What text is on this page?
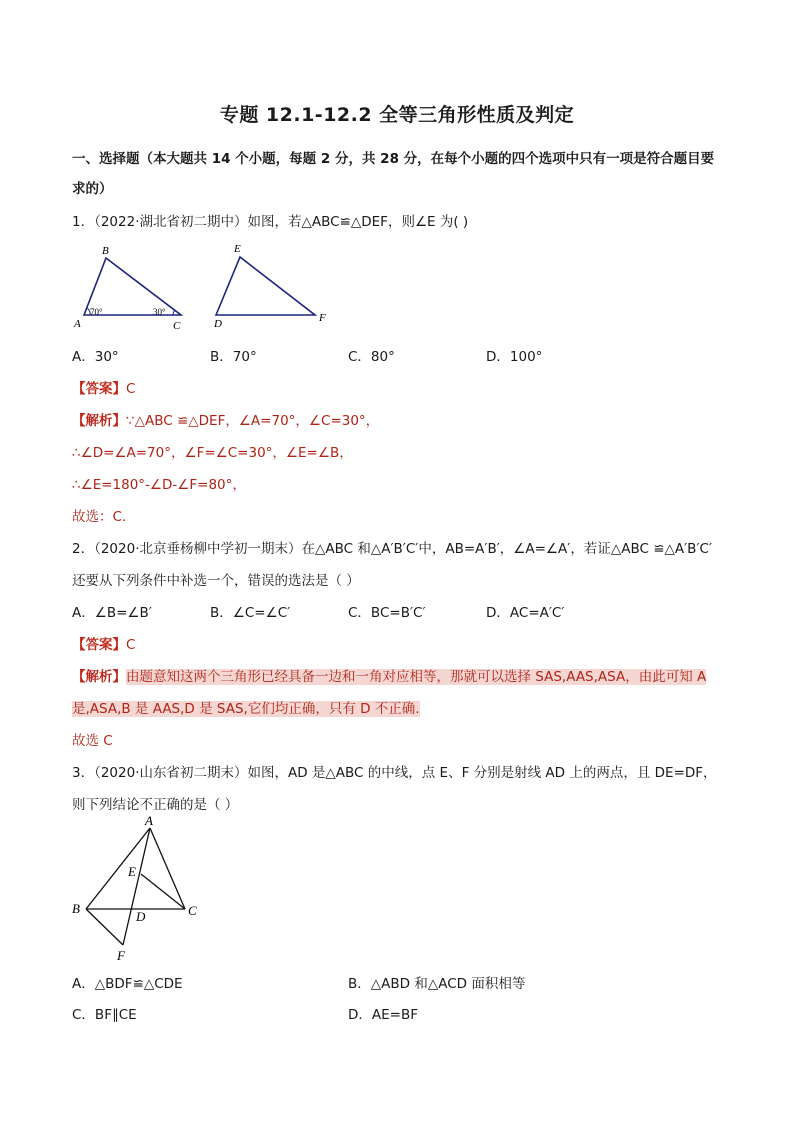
专题 12.1-12.2 全等三角形性质及判定
一、选择题（本大题共 14 个小题，每题 2 分，共 28 分，在每个小题的四个选项中只有一项是符合题目要
求的）
1．（2022·湖北省初二期中）如图，若△ABC≌△DEF，则∠E 为( )
B
A	C
70°	30°
E
D	F
A．30°	B．70°	C．80°	D．100°
【答案】C
【解析】∵△ABC ≌△DEF，∠A=70°，∠C=30°，
∴∠D=∠A=70°，∠F=∠C=30°，∠E=∠B，
∴∠E=180°-∠D-∠F=80°，
故选：C．
2．（2020·北京垂杨柳中学初一期末）在△ABC 和△A′B′C′中，AB=A′B′，∠A=∠A′，若证△ABC ≌△A′B′C′
还要从下列条件中补选一个，错误的选法是（ ）
A．∠B=∠B′	B．∠C=∠C′	C．BC=B′C′	D．AC=A′C′
【答案】C
【解析】由题意知这两个三角形已经具备一边和一角对应相等，那就可以选择 SAS,AAS,ASA，由此可知 A
是,ASA,B 是 AAS,D 是 SAS,它们均正确，只有 D 不正确.
故选 C
3．（2020·山东省初二期末）如图，AD 是△ABC 的中线，点 E、F 分别是射线 AD 上的两点，且 DE=DF，
则下列结论不正确的是（ ）
A
E
B
D	C
F
A．△BDF≌△CDE	B．△ABD 和△ACD 面积相等
C．BF∥CE	D．AE=BF
